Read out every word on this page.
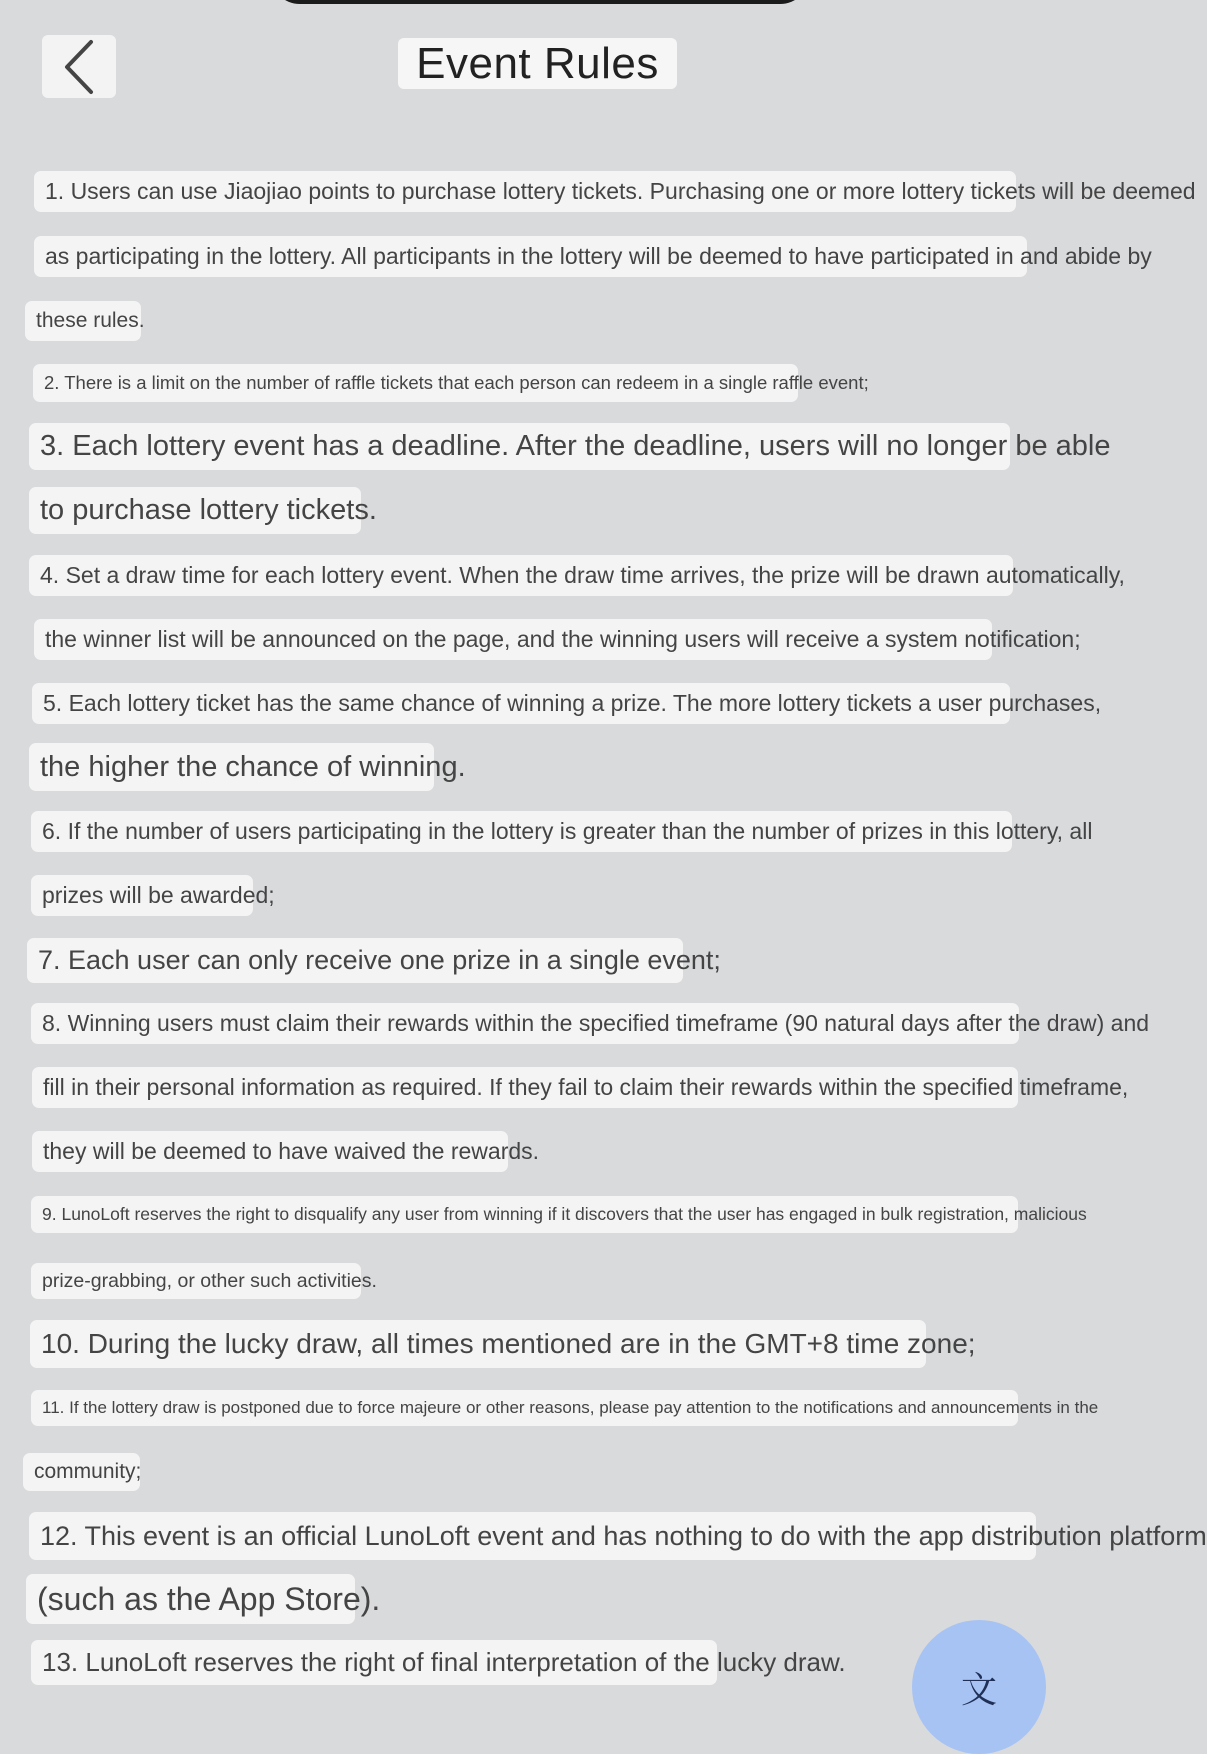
Event Rules
1. Users can use Jiaojiao points to purchase lottery tickets. Purchasing one or more lottery tickets will be deemed
as participating in the lottery. All participants in the lottery will be deemed to have participated in and abide by
these rules.
2. There is a limit on the number of raffle tickets that each person can redeem in a single raffle event;
3. Each lottery event has a deadline. After the deadline, users will no longer be able
to purchase lottery tickets.
4. Set a draw time for each lottery event. When the draw time arrives, the prize will be drawn automatically,
the winner list will be announced on the page, and the winning users will receive a system notification;
5. Each lottery ticket has the same chance of winning a prize. The more lottery tickets a user purchases,
the higher the chance of winning.
6. If the number of users participating in the lottery is greater than the number of prizes in this lottery, all
prizes will be awarded;
7. Each user can only receive one prize in a single event;
8. Winning users must claim their rewards within the specified timeframe (90 natural days after the draw) and
fill in their personal information as required. If they fail to claim their rewards within the specified timeframe,
they will be deemed to have waived the rewards.
9. LunoLoft reserves the right to disqualify any user from winning if it discovers that the user has engaged in bulk registration, malicious
prize-grabbing, or other such activities.
10. During the lucky draw, all times mentioned are in the GMT+8 time zone;
11. If the lottery draw is postponed due to force majeure or other reasons, please pay attention to the notifications and announcements in the
community;
12. This event is an official LunoLoft event and has nothing to do with the app distribution platform
(such as the App Store).
13. LunoLoft reserves the right of final interpretation of the lucky draw.
文
